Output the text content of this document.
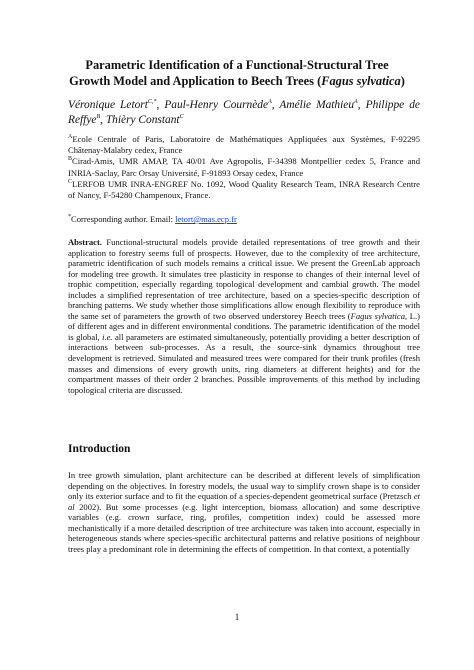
Parametric Identification of a Functional-Structural Tree
Growth Model and Application to Beech Trees (Fagus sylvatica)
Véronique Letort$^{C,*}$, Paul-Henry Cournède$^A$, Amélie Mathieu$^A$, Philippe de Reffye$^B$, Thièry Constant$^C$

$^A$Ecole Centrale of Paris, Laboratoire de Mathématiques Appliquées aux Systèmes, F-92295 Châtenay-Malabry cedex, France

$^B$Cirad-Amis, UMR AMAP, TA 40/01 Ave Agropolis, F-34398 Montpellier cedex 5, France and INRIA-Saclay, Parc Orsay Université, F-91893 Orsay cedex, France

$^C$LERFOB UMR INRA-ENGREF No. 1092, Wood Quality Research Team, INRA Research Centre of Nancy, F-54280 Champenoux, France.

*Corresponding author. Email: letort@mas.ecp.fr
Abstract. Functional-structural models provide detailed representations of tree growth and their application to forestry seems full of prospects. However, due to the complexity of tree architecture, parametric identification of such models remains a critical issue. We present the GreenLab approach for modeling tree growth. It simulates tree plasticity in response to changes of their internal level of trophic competition, especially regarding topological development and cambial growth. The model includes a simplified representation of tree architecture, based on a species-specific description of branching patterns. We study whether those simplifications allow enough flexibility to reproduce with the same set of parameters the growth of two observed understorey Beech trees (Fagus sylvatica, L.) of different ages and in different environmental conditions. The parametric identification of the model is global, i.e. all parameters are estimated simultaneously, potentially providing a better description of interactions between sub-processes. As a result, the source-sink dynamics throughout tree development is retrieved. Simulated and measured trees were compared for their trunk profiles (fresh masses and dimensions of every growth units, ring diameters at different heights) and for the compartment masses of their order 2 branches. Possible improvements of this method by including topological criteria are discussed.
Introduction
In tree growth simulation, plant architecture can be described at different levels of simplification depending on the objectives. In forestry models, the usual way to simplify crown shape is to consider only its exterior surface and to fit the equation of a species-dependent geometrical surface (Pretzsch et al 2002). But some processes (e.g. light interception, biomass allocation) and some descriptive variables (e.g. crown surface, ring, profiles, competition index) could be assessed more mechanistically if a more detailed description of tree architecture was taken into account, especially in heterogeneous stands where species-specific architectural patterns and relative positions of neighbour trees play a predominant role in determining the effects of competition. In that context, a potentially
1
